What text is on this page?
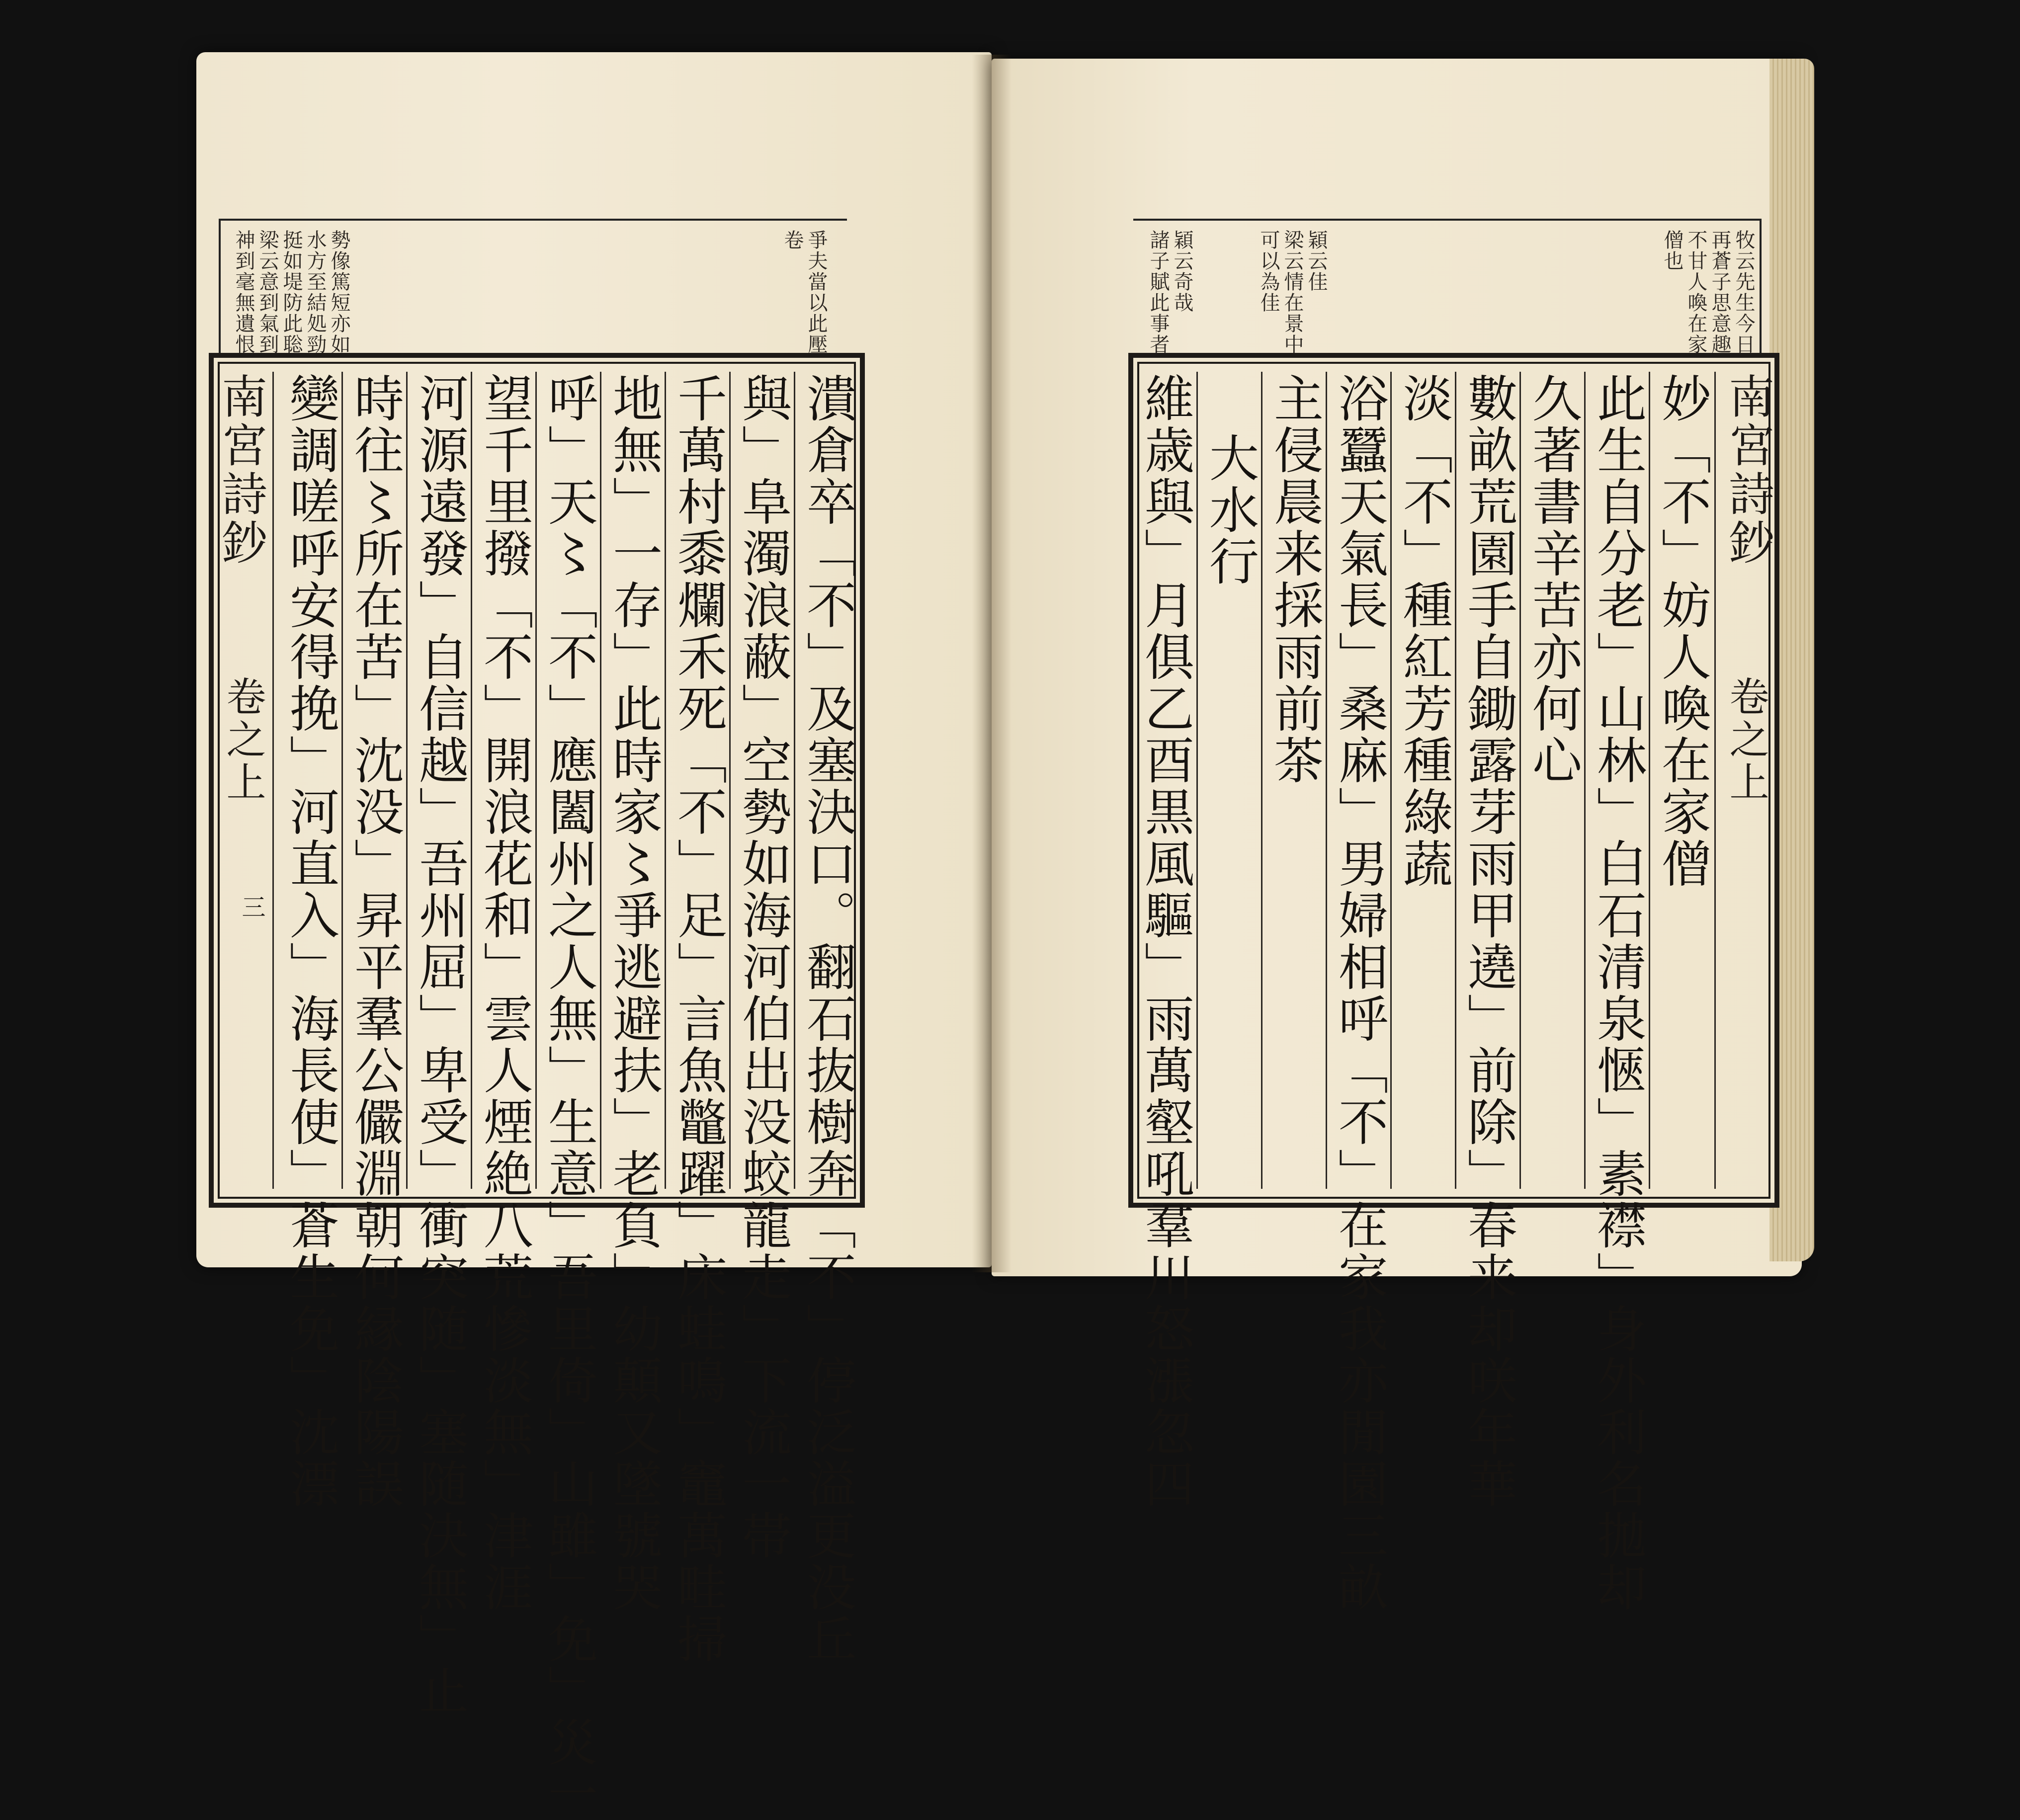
爭夫當以此壓
卷
勢像篤短亦如
水方至結処勁
挺如堤防此聡
梁云意到氣到
神到毫無遺恨	牧云先生今日
再蒼子思意趣
不甘人喚在家
僧也
穎云佳
梁云情在景中
可以為佳
穎云奇哉
諸子賦此事者
南宮詩鈔
卷之上
三	潰倉卒「不」及塞決口。翻石抜樹奔「不」停泛溢更没丘
與」阜濁浪蔽」空勢如海河伯出没蛟龍走」下流一帯
千萬村黍爛禾死「不」足」言魚鼈躍」床蛙鳴」竈萬畦掃
地無」一存」此時家〻爭逃避扶」老負」幼顛又墜號哭
呼」天〻「不」應闔州之人無」生意」吾里倚」山雖」免」災一
望千里撥「不」開浪花和」雲人煙絶八荒慘淡無」津涯
河源遠發」自信越」吾州屈」卑受」衝突随」塞随決無」止
時往〻所在苦」沈没」昇平羣公儼淵朝何縁陰陽誤
變調嗟呼安得挽」河直入」海長使」蒼生免」沈漂	南宮詩鈔
卷之上
妙「不」妨人喚在家僧
此生自分老」山林」白石清泉愜」素襟」身外利名拋却
久著書辛苦亦何心
數畝荒園手自鋤露芽雨甲遶」前除」春来却咲年華
淡「不」種紅芳種綠蔬
浴蠶天氣長」桑麻」男婦相呼「不」在家我亦閒園三畝
主侵晨来採雨前茶
大水行
維歳與」月俱乙酉黒風驅」雨萬壑吼羣川怒漲忽四
